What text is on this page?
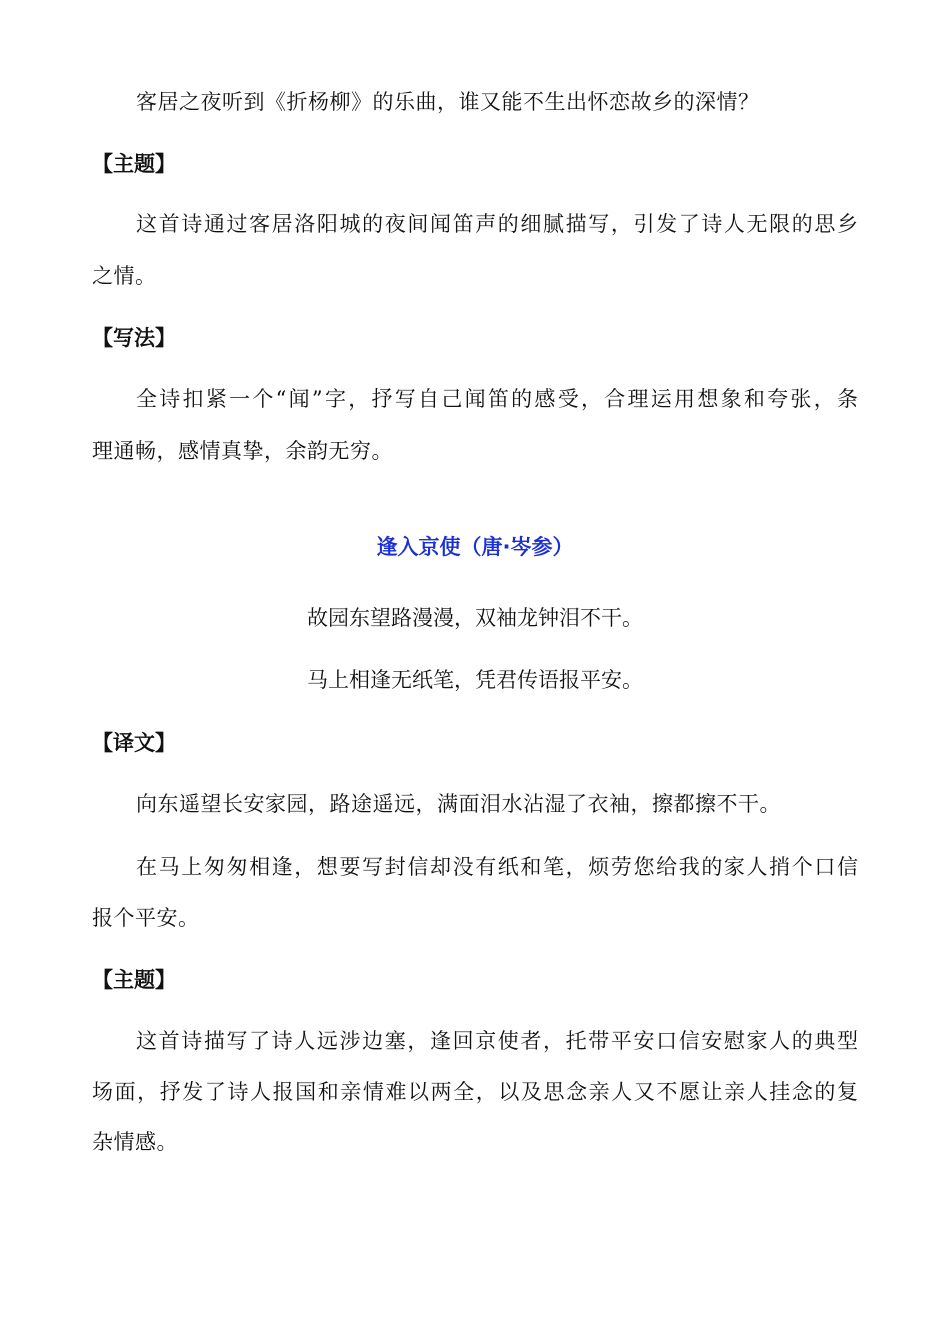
客居之夜听到《折杨柳》的乐曲，谁又能不生出怀恋故乡的深情？
【主题】
这首诗通过客居洛阳城的夜间闻笛声的细腻描写，引发了诗人无限的思乡
之情。
【写法】
全诗扣紧一个“闻”字，抒写自己闻笛的感受，合理运用想象和夸张，条
理通畅，感情真挚，余韵无穷。
逢入京使（唐·岑参）
故园东望路漫漫，双袖龙钟泪不干。
马上相逢无纸笔，凭君传语报平安。
【译文】
向东遥望长安家园，路途遥远，满面泪水沾湿了衣袖，擦都擦不干。
在马上匆匆相逢，想要写封信却没有纸和笔，烦劳您给我的家人捎个口信
报个平安。
【主题】
这首诗描写了诗人远涉边塞，逢回京使者，托带平安口信安慰家人的典型
场面，抒发了诗人报国和亲情难以两全，以及思念亲人又不愿让亲人挂念的复
杂情感。
